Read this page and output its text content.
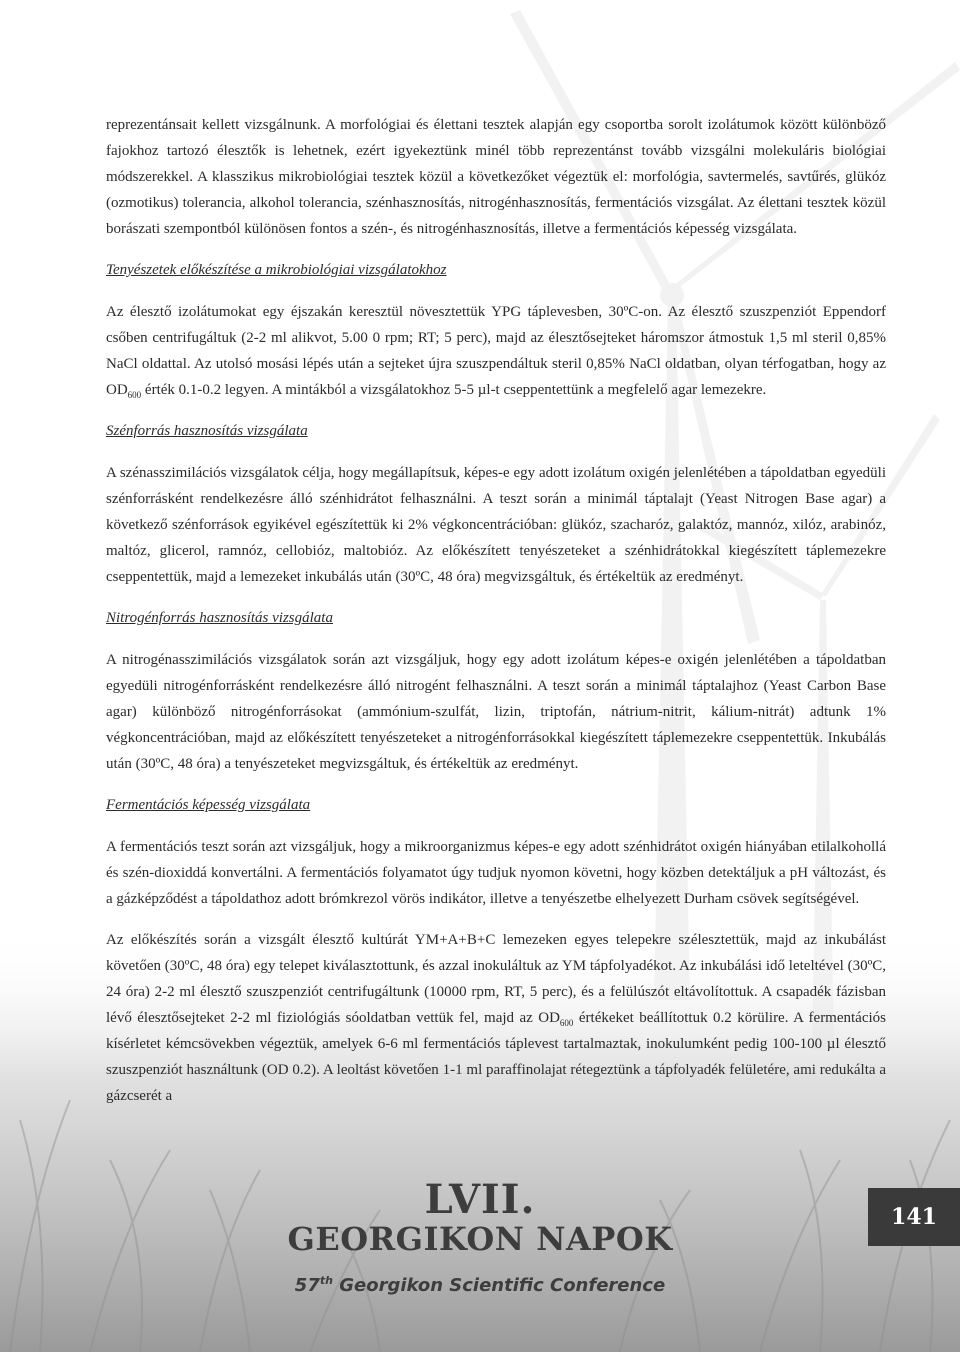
reprezentánsait kellett vizsgálnunk. A morfológiai és élettani tesztek alapján egy csoportba sorolt izolátumok között különböző fajokhoz tartozó élesztők is lehetnek, ezért igyekeztünk minél több reprezentánst tovább vizsgálni molekuláris biológiai módszerekkel. A klasszikus mikrobiológiai tesztek közül a következőket végeztük el: morfológia, savtermelés, savtűrés, glükóz (ozmotikus) tolerancia, alkohol tolerancia, szénhasznosítás, nitrogénhasznosítás, fermentációs vizsgálat. Az élettani tesztek közül borászati szempontból különösen fontos a szén-, és nitrogénhasznosítás, illetve a fermentációs képesség vizsgálata.

Tenyészetek előkészítése a mikrobiológiai vizsgálatokhoz

Az élesztő izolátumokat egy éjszakán keresztül növesztettük YPG táplevesben, 30ºC-on. Az élesztő szuszpenziót Eppendorf csőben centrifugáltuk (2-2 ml alikvot, 5.00 0 rpm; RT; 5 perc), majd az élesztősejteket háromszor átmostuk 1,5 ml steril 0,85% NaCl oldattal. Az utolsó mosási lépés után a sejteket újra szuszpendáltuk steril 0,85% NaCl oldatban, olyan térfogatban, hogy az $OD_{600}$ érték 0.1-0.2 legyen. A mintákból a vizsgálatokhoz 5-5 µl-t cseppentettünk a megfelelő agar lemezekre.

Szénforrás hasznosítás vizsgálata

A szénasszimilációs vizsgálatok célja, hogy megállapítsuk, képes-e egy adott izolátum oxigén jelenlétében a tápoldatban egyedüli szénforrásként rendelkezésre álló szénhidrátot felhasználni. A teszt során a minimál táptalajt (Yeast Nitrogen Base agar) a következő szénforrások egyikével egészítettük ki 2% végkoncentrációban: glükóz, szacharóz, galaktóz, mannóz, xilóz, arabinóz, maltóz, glicerol, ramnóz, cellobióz, maltobióz. Az előkészített tenyészeteket a szénhidrátokkal kiegészített táplemezekre cseppentettük, majd a lemezeket inkubálás után (30ºC, 48 óra) megvizsgáltuk, és értékeltük az eredményt.

Nitrogénforrás hasznosítás vizsgálata

A nitrogénasszimilációs vizsgálatok során azt vizsgáljuk, hogy egy adott izolátum képes-e oxigén jelenlétében a tápoldatban egyedüli nitrogénforrásként rendelkezésre álló nitrogént felhasználni. A teszt során a minimál táptalajhoz (Yeast Carbon Base agar) különböző nitrogénforrásokat (ammónium-szulfát, lizin, triptofán, nátrium-nitrit, kálium-nitrát) adtunk 1% végkoncentrációban, majd az előkészített tenyészeteket a nitrogénforrásokkal kiegészített táplemezekre cseppentettük. Inkubálás után (30ºC, 48 óra) a tenyészeteket megvizsgáltuk, és értékeltük az eredményt.

Fermentációs képesség vizsgálata

A fermentációs teszt során azt vizsgáljuk, hogy a mikroorganizmus képes-e egy adott szénhidrátot oxigén hiányában etilalkohollá és szén-dioxiddá konvertálni. A fermentációs folyamatot úgy tudjuk nyomon követni, hogy közben detektáljuk a pH változást, és a gázképződést a tápoldathoz adott brómkrezol vörös indikátor, illetve a tenyészetbe elhelyezett Durham csövek segítségével.

Az előkészítés során a vizsgált élesztő kultúrát YM+A+B+C lemezeken egyes telepekre szélesztettük, majd az inkubálást követően (30ºC, 48 óra) egy telepet kiválasztottunk, és azzal inokuláltuk az YM tápfolyadékot. Az inkubálási idő leteltével (30ºC, 24 óra) 2-2 ml élesztő szuszpenziót centrifugáltunk (10000 rpm, RT, 5 perc), és a felülúszót eltávolítottuk. A csapadék fázisban lévő élesztősejteket 2-2 ml fiziológiás sóoldatban vettük fel, majd az $OD_{600}$ értékeket beállítottuk 0.2 körülire. A fermentációs kísérletet kémcsövekben végeztük, amelyek 6-6 ml fermentációs táplevest tartalmaztak, inokulumként pedig 100-100 µl élesztő szuszpenziót használtunk (OD 0.2). A leoltást követően 1-1 ml paraffinolajat rétegeztünk a tápfolyadék felületére, ami redukálta a gázcserét a

LVII.
GEORGIKON NAPOK
57th Georgikon Scientific Conference
141
